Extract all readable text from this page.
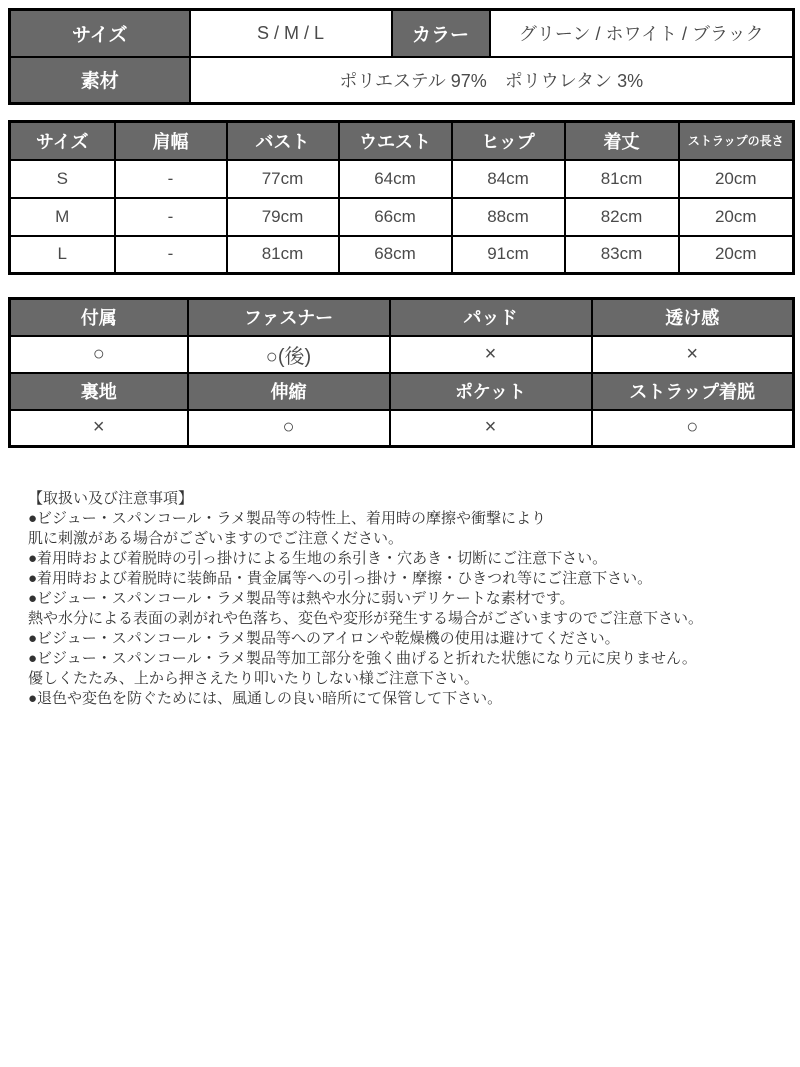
サイズ	S / M / L	カラー	グリーン / ホワイト / ブラック
素材	ポリエステル 97%　ポリウレタン 3%		
サイズ	肩幅	バスト	ウエスト	ヒップ	着丈	ストラップの長さ
S	-	77cm	64cm	84cm	81cm	20cm
M	-	79cm	66cm	88cm	82cm	20cm
L	-	81cm	68cm	91cm	83cm	20cm
付属	ファスナー	パッド	透け感
○	○(後)	×	×
裏地	伸縮	ポケット	ストラップ着脱
×	○	×	○
【取扱い及び注意事項】
●ビジュー・スパンコール・ラメ製品等の特性上、着用時の摩擦や衝撃により
肌に刺激がある場合がございますのでご注意ください。
●着用時および着脱時の引っ掛けによる生地の糸引き・穴あき・切断にご注意下さい。
●着用時および着脱時に装飾品・貴金属等への引っ掛け・摩擦・ひきつれ等にご注意下さい。
●ビジュー・スパンコール・ラメ製品等は熱や水分に弱いデリケートな素材です。
熱や水分による表面の剥がれや色落ち、変色や変形が発生する場合がございますのでご注意下さい。
●ビジュー・スパンコール・ラメ製品等へのアイロンや乾燥機の使用は避けてください。
●ビジュー・スパンコール・ラメ製品等加工部分を強く曲げると折れた状態になり元に戻りません。
優しくたたみ、上から押さえたり叩いたりしない様ご注意下さい。
●退色や変色を防ぐためには、風通しの良い暗所にて保管して下さい。
